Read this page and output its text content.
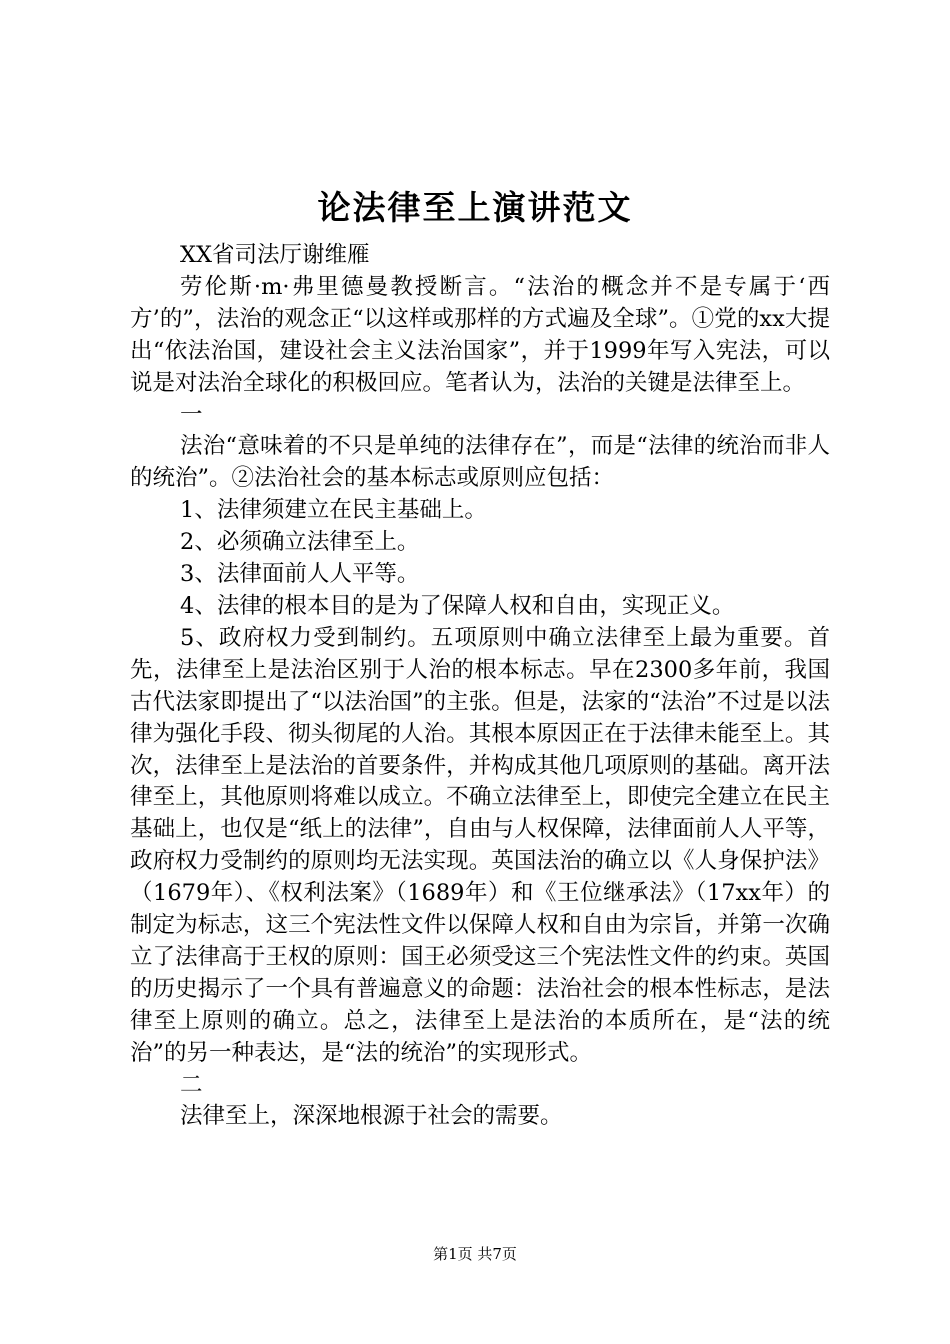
论法律至上演讲范文

XX省司法厅谢维雁

劳伦斯·m·弗里德曼教授断言。“法治的概念并不是专属于‘西方’的”，法治的观念正“以这样或那样的方式遍及全球”。①党的xx大提出“依法治国，建设社会主义法治国家”，并于1999年写入宪法，可以说是对法治全球化的积极回应。笔者认为，法治的关键是法律至上。

一

法治“意味着的不只是单纯的法律存在”，而是“法律的统治而非人的统治”。②法治社会的基本标志或原则应包括：

1、法律须建立在民主基础上。

2、必须确立法律至上。

3、法律面前人人平等。

4、法律的根本目的是为了保障人权和自由，实现正义。

5、政府权力受到制约。五项原则中确立法律至上最为重要。首先，法律至上是法治区别于人治的根本标志。早在2300多年前，我国古代法家即提出了“以法治国”的主张。但是，法家的“法治”不过是以法律为强化手段、彻头彻尾的人治。其根本原因正在于法律未能至上。其次，法律至上是法治的首要条件，并构成其他几项原则的基础。离开法律至上，其他原则将难以成立。不确立法律至上，即使完全建立在民主基础上，也仅是“纸上的法律”，自由与人权保障，法律面前人人平等，政府权力受制约的原则均无法实现。英国法治的确立以《人身保护法》（1679年）、《权利法案》（1689年）和《王位继承法》（17xx年）的制定为标志，这三个宪法性文件以保障人权和自由为宗旨，并第一次确立了法律高于王权的原则：国王必须受这三个宪法性文件的约束。英国的历史揭示了一个具有普遍意义的命题：法治社会的根本性标志，是法律至上原则的确立。总之，法律至上是法治的本质所在，是“法的统治”的另一种表达，是“法的统治”的实现形式。

二

法律至上，深深地根源于社会的需要。

第1页 共7页
